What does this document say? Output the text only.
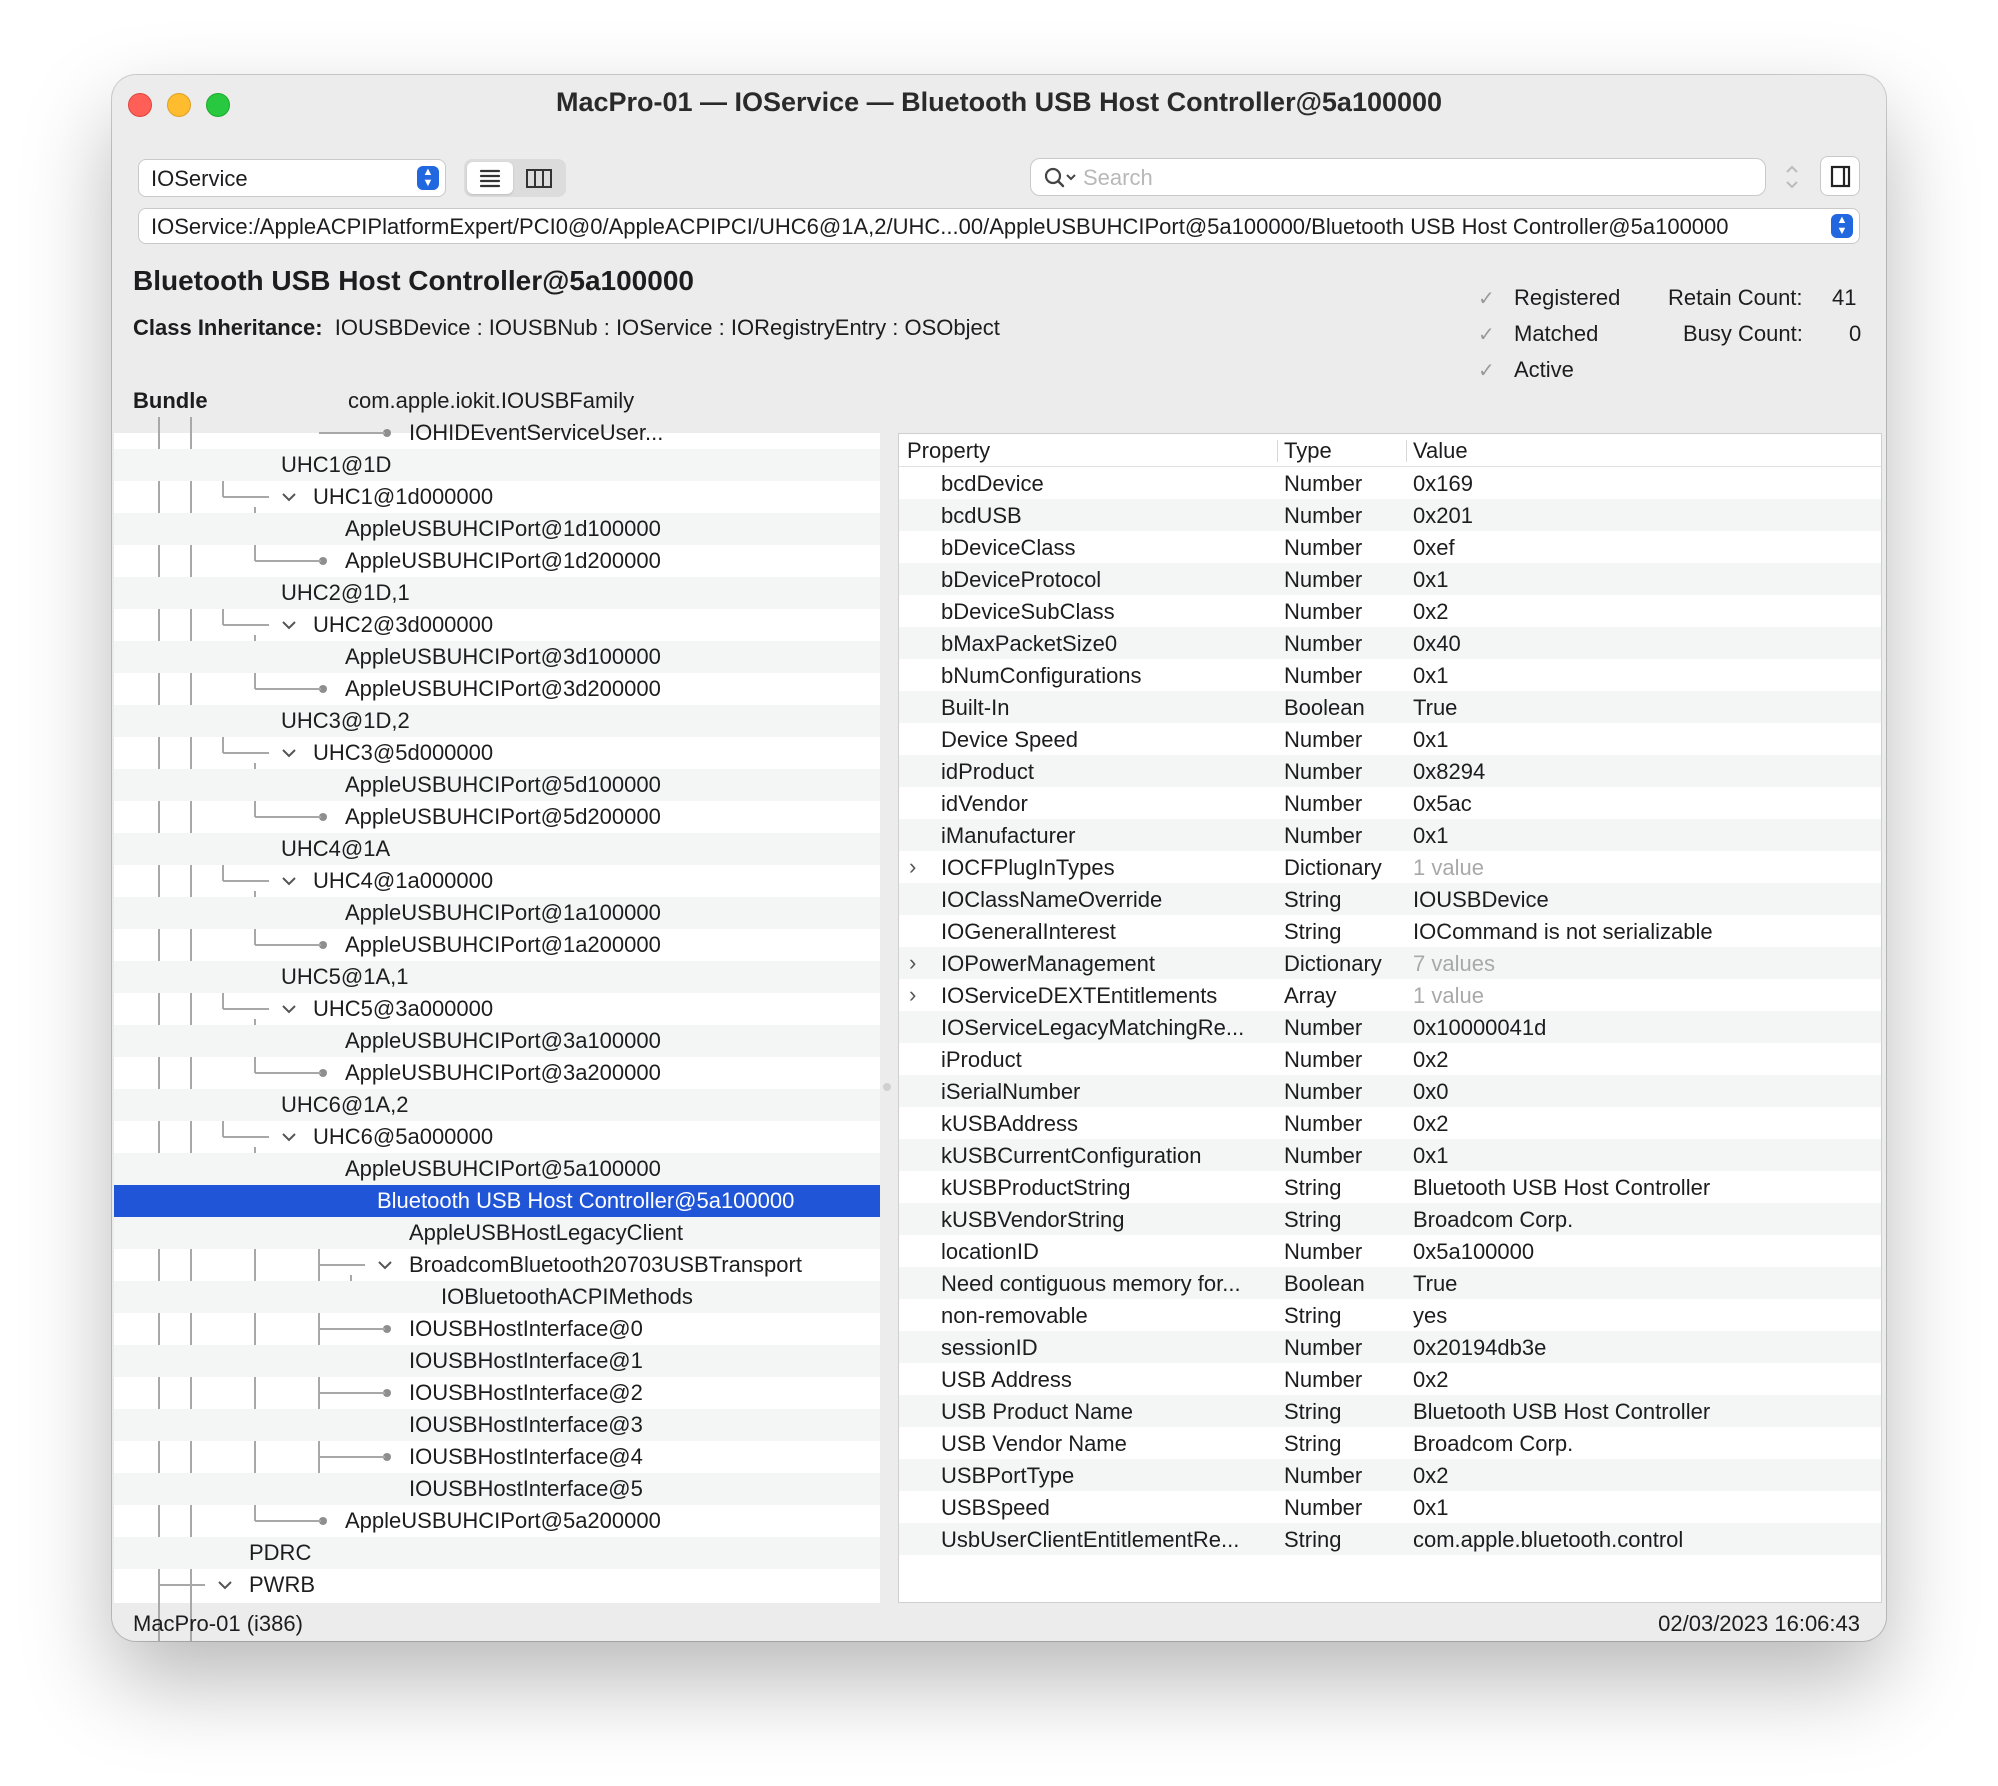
MacPro-01 — IOService — Bluetooth USB Host Controller@5a100000
IOService	▲
▼	Search
IOService:/AppleACPIPlatformExpert/PCI0@0/AppleACPIPCI/UHC6@1A,2/UHC...00/AppleUSBUHCIPort@5a100000/Bluetooth USB Host Controller@5a100000	▲
▼
Bluetooth USB Host Controller@5a100000
Class Inheritance: IOUSBDevice : IOUSBNub : IOService : IORegistryEntry : OSObject
Bundle	com.apple.iokit.IOUSBFamily
✓ Registered
✓ Matched
✓ Active
Retain Count: 41
Busy Count: 0
IOHIDEventServiceUser...
UHC1@1D
UHC1@1d000000
AppleUSBUHCIPort@1d100000
AppleUSBUHCIPort@1d200000
UHC2@1D,1
UHC2@3d000000
AppleUSBUHCIPort@3d100000
AppleUSBUHCIPort@3d200000
UHC3@1D,2
UHC3@5d000000
AppleUSBUHCIPort@5d100000
AppleUSBUHCIPort@5d200000
UHC4@1A
UHC4@1a000000
AppleUSBUHCIPort@1a100000
AppleUSBUHCIPort@1a200000
UHC5@1A,1
UHC5@3a000000
AppleUSBUHCIPort@3a100000
AppleUSBUHCIPort@3a200000
UHC6@1A,2
UHC6@5a000000
AppleUSBUHCIPort@5a100000
Bluetooth USB Host Controller@5a100000
AppleUSBHostLegacyClient
BroadcomBluetooth20703USBTransport
IOBluetoothACPIMethods
IOUSBHostInterface@0
IOUSBHostInterface@1
IOUSBHostInterface@2
IOUSBHostInterface@3
IOUSBHostInterface@4
IOUSBHostInterface@5
AppleUSBUHCIPort@5a200000
PDRC
PWRB
Property	Type	Value
bcdDevice	Number 0x169
bcdUSB	Number 0x201
bDeviceClass	Number 0xef
bDeviceProtocol	Number 0x1
bDeviceSubClass	Number 0x2
bMaxPacketSize0	Number 0x40
bNumConfigurations	Number 0x1
Built-In	Boolean True
Device Speed	Number 0x1
idProduct	Number 0x8294
idVendor	Number 0x5ac
iManufacturer	Number 0x1
› IOCFPlugInTypes	Dictionary 1 value
IOClassNameOverride	String	IOUSBDevice
IOGeneralInterest	String	IOCommand is not serializable
› IOPowerManagement	Dictionary 7 values
› IOServiceDEXTEntitlements	Array	1 value
IOServiceLegacyMatchingRe... Number 0x10000041d
iProduct	Number 0x2
iSerialNumber	Number 0x0
kUSBAddress	Number 0x2
kUSBCurrentConfiguration	Number 0x1
kUSBProductString	String	Bluetooth USB Host Controller
kUSBVendorString	String	Broadcom Corp.
locationID	Number 0x5a100000
Need contiguous memory for... Boolean True
non-removable	String	yes
sessionID	Number 0x20194db3e
USB Address	Number 0x2
USB Product Name	String	Bluetooth USB Host Controller
USB Vendor Name	String	Broadcom Corp.
USBPortType	Number 0x2
USBSpeed	Number 0x1
UsbUserClientEntitlementRe... String	com.apple.bluetooth.control
MacPro-01 (i386)	02/03/2023 16:06:43
